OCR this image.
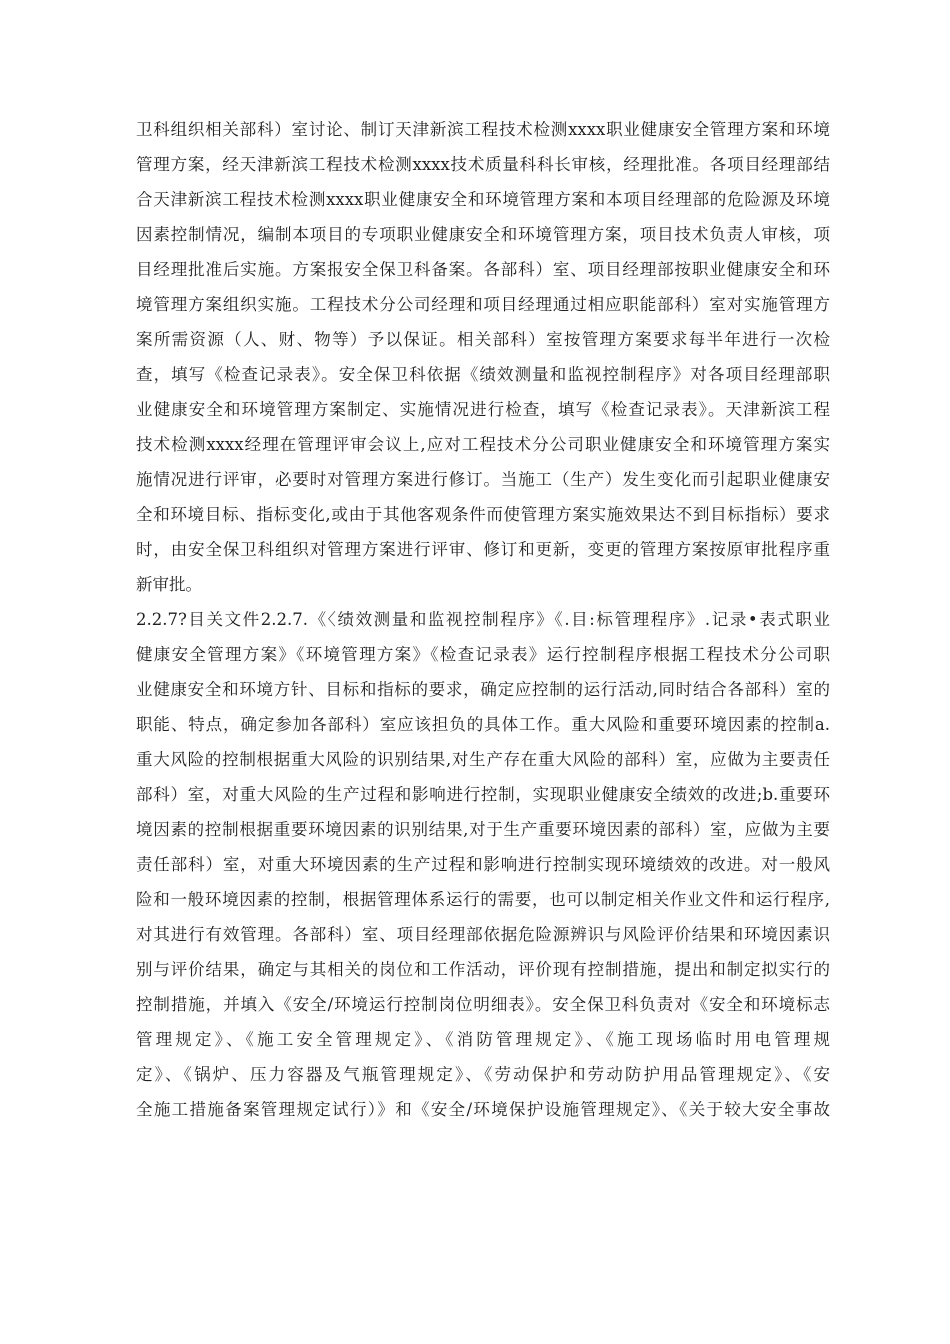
卫科组织相关部科）室讨论、制订天津新滨工程技术检测xxxx职业健康安全管理方案和环境
管理方案，经天津新滨工程技术检测xxxx技术质量科科长审核，经理批准。各项目经理部结
合天津新滨工程技术检测xxxx职业健康安全和环境管理方案和本项目经理部的危险源及环境
因素控制情况，编制本项目的专项职业健康安全和环境管理方案，项目技术负责人审核，项
目经理批准后实施。方案报安全保卫科备案。各部科）室、项目经理部按职业健康安全和环
境管理方案组织实施。工程技术分公司经理和项目经理通过相应职能部科）室对实施管理方
案所需资源（人、财、物等）予以保证。相关部科）室按管理方案要求每半年进行一次检
查，填写《检查记录表》。安全保卫科依据《绩效测量和监视控制程序》对各项目经理部职
业健康安全和环境管理方案制定、实施情况进行检查，填写《检查记录表》。天津新滨工程
技术检测xxxx经理在管理评审会议上,应对工程技术分公司职业健康安全和环境管理方案实
施情况进行评审，必要时对管理方案进行修订。当施工（生产）发生变化而引起职业健康安
全和环境目标、指标变化,或由于其他客观条件而使管理方案实施效果达不到目标指标）要求
时，由安全保卫科组织对管理方案进行评审、修订和更新，变更的管理方案按原审批程序重
新审批。
2.2.7?目关文件2.2.7.《〈绩效测量和监视控制程序》《.目:标管理程序》.记录•表式职业
健康安全管理方案》《环境管理方案》《检查记录表》运行控制程序根据工程技术分公司职
业健康安全和环境方针、目标和指标的要求，确定应控制的运行活动,同时结合各部科）室的
职能、特点，确定参加各部科）室应该担负的具体工作。重大风险和重要环境因素的控制a.
重大风险的控制根据重大风险的识别结果,对生产存在重大风险的部科）室，应做为主要责任
部科）室，对重大风险的生产过程和影响进行控制，实现职业健康安全绩效的改进;b.重要环
境因素的控制根据重要环境因素的识别结果,对于生产重要环境因素的部科）室，应做为主要
责任部科）室，对重大环境因素的生产过程和影响进行控制实现环境绩效的改进。对一般风
险和一般环境因素的控制，根据管理体系运行的需要，也可以制定相关作业文件和运行程序,
对其进行有效管理。各部科）室、项目经理部依据危险源辨识与风险评价结果和环境因素识
别与评价结果，确定与其相关的岗位和工作活动，评价现有控制措施，提出和制定拟实行的
控制措施，并填入《安全/环境运行控制岗位明细表》。安全保卫科负责对《安全和环境标志
管理规定》、《施工安全管理规定》、《消防管理规定》、《施工现场临时用电管理规
定》、《锅炉、压力容器及气瓶管理规定》、《劳动保护和劳动防护用品管理规定》、《安
全施工措施备案管理规定试行）》和《安全/环境保护设施管理规定》、《关于较大安全事故
